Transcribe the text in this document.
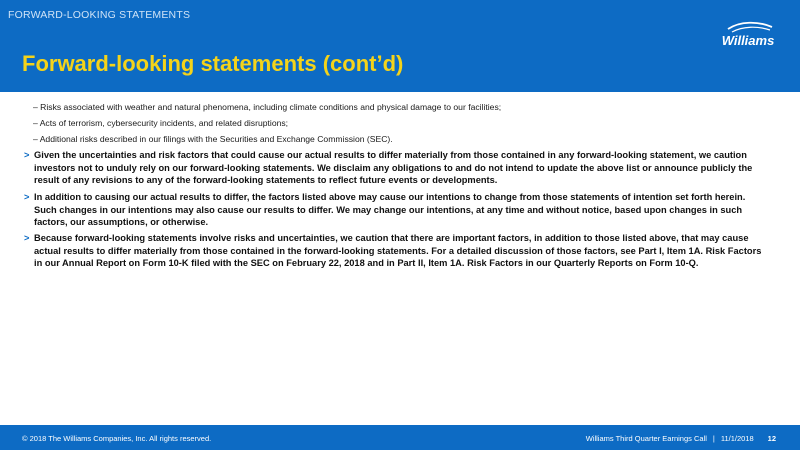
FORWARD-LOOKING STATEMENTS
Williams
Forward-looking statements (cont’d)
– Risks associated with weather and natural phenomena, including climate conditions and physical damage to our facilities;
– Acts of terrorism, cybersecurity incidents, and related disruptions;
– Additional risks described in our filings with the Securities and Exchange Commission (SEC).
> Given the uncertainties and risk factors that could cause our actual results to differ materially from those contained in any forward-looking statement, we caution investors not to unduly rely on our forward-looking statements. We disclaim any obligations to and do not intend to update the above list or announce publicly the result of any revisions to any of the forward-looking statements to reflect future events or developments.
> In addition to causing our actual results to differ, the factors listed above may cause our intentions to change from those statements of intention set forth herein. Such changes in our intentions may also cause our results to differ. We may change our intentions, at any time and without notice, based upon changes in such factors, our assumptions, or otherwise.
> Because forward-looking statements involve risks and uncertainties, we caution that there are important factors, in addition to those listed above, that may cause actual results to differ materially from those contained in the forward-looking statements. For a detailed discussion of those factors, see Part I, Item 1A. Risk Factors in our Annual Report on Form 10-K filed with the SEC on February 22, 2018 and in Part II, Item 1A. Risk Factors in our Quarterly Reports on Form 10-Q.
© 2018 The Williams Companies, Inc. All rights reserved.	Williams Third Quarter Earnings Call | 11/1/2018 12
